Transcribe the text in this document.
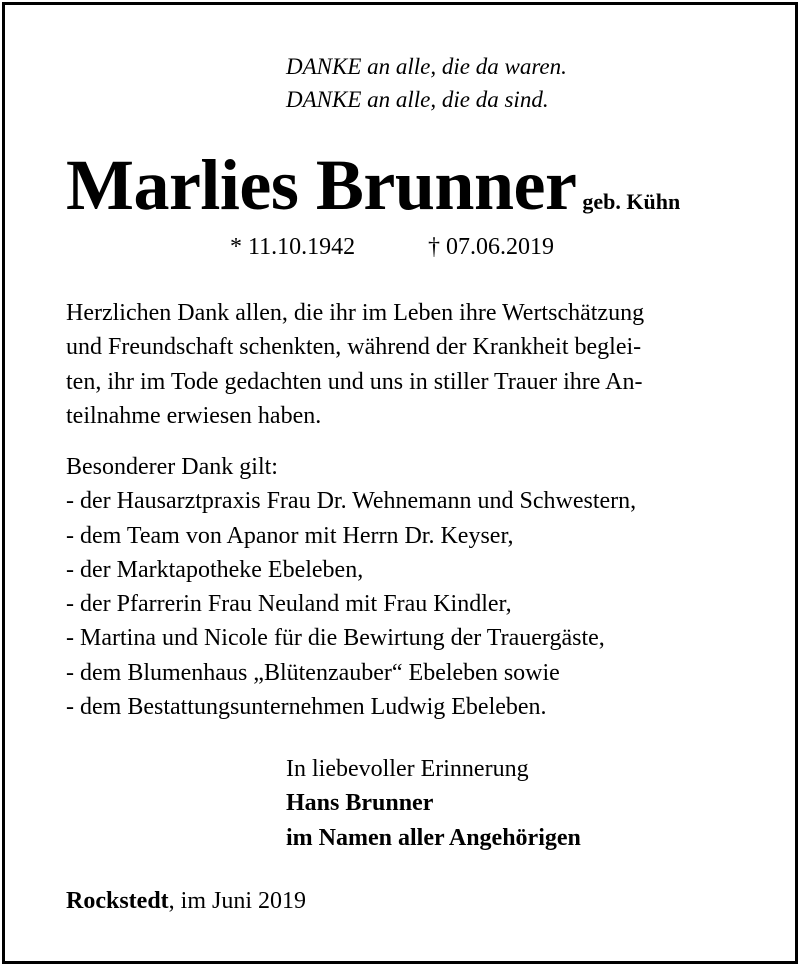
DANKE an alle, die da waren.
DANKE an alle, die da sind.
Marlies Brunner geb. Kühn
* 11.10.1942	† 07.06.2019
Herzlichen Dank allen, die ihr im Leben ihre Wertschätzung
und Freundschaft schenkten, während der Krankheit beglei-
ten, ihr im Tode gedachten und uns in stiller Trauer ihre An-
teilnahme erwiesen haben.
Besonderer Dank gilt:
- der Hausarztpraxis Frau Dr. Wehnemann und Schwestern,
- dem Team von Apanor mit Herrn Dr. Keyser,
- der Marktapotheke Ebeleben,
- der Pfarrerin Frau Neuland mit Frau Kindler,
- Martina und Nicole für die Bewirtung der Trauergäste,
- dem Blumenhaus „Blütenzauber“ Ebeleben sowie
- dem Bestattungsunternehmen Ludwig Ebeleben.
In liebevoller Erinnerung
Hans Brunner
im Namen aller Angehörigen
Rockstedt, im Juni 2019
